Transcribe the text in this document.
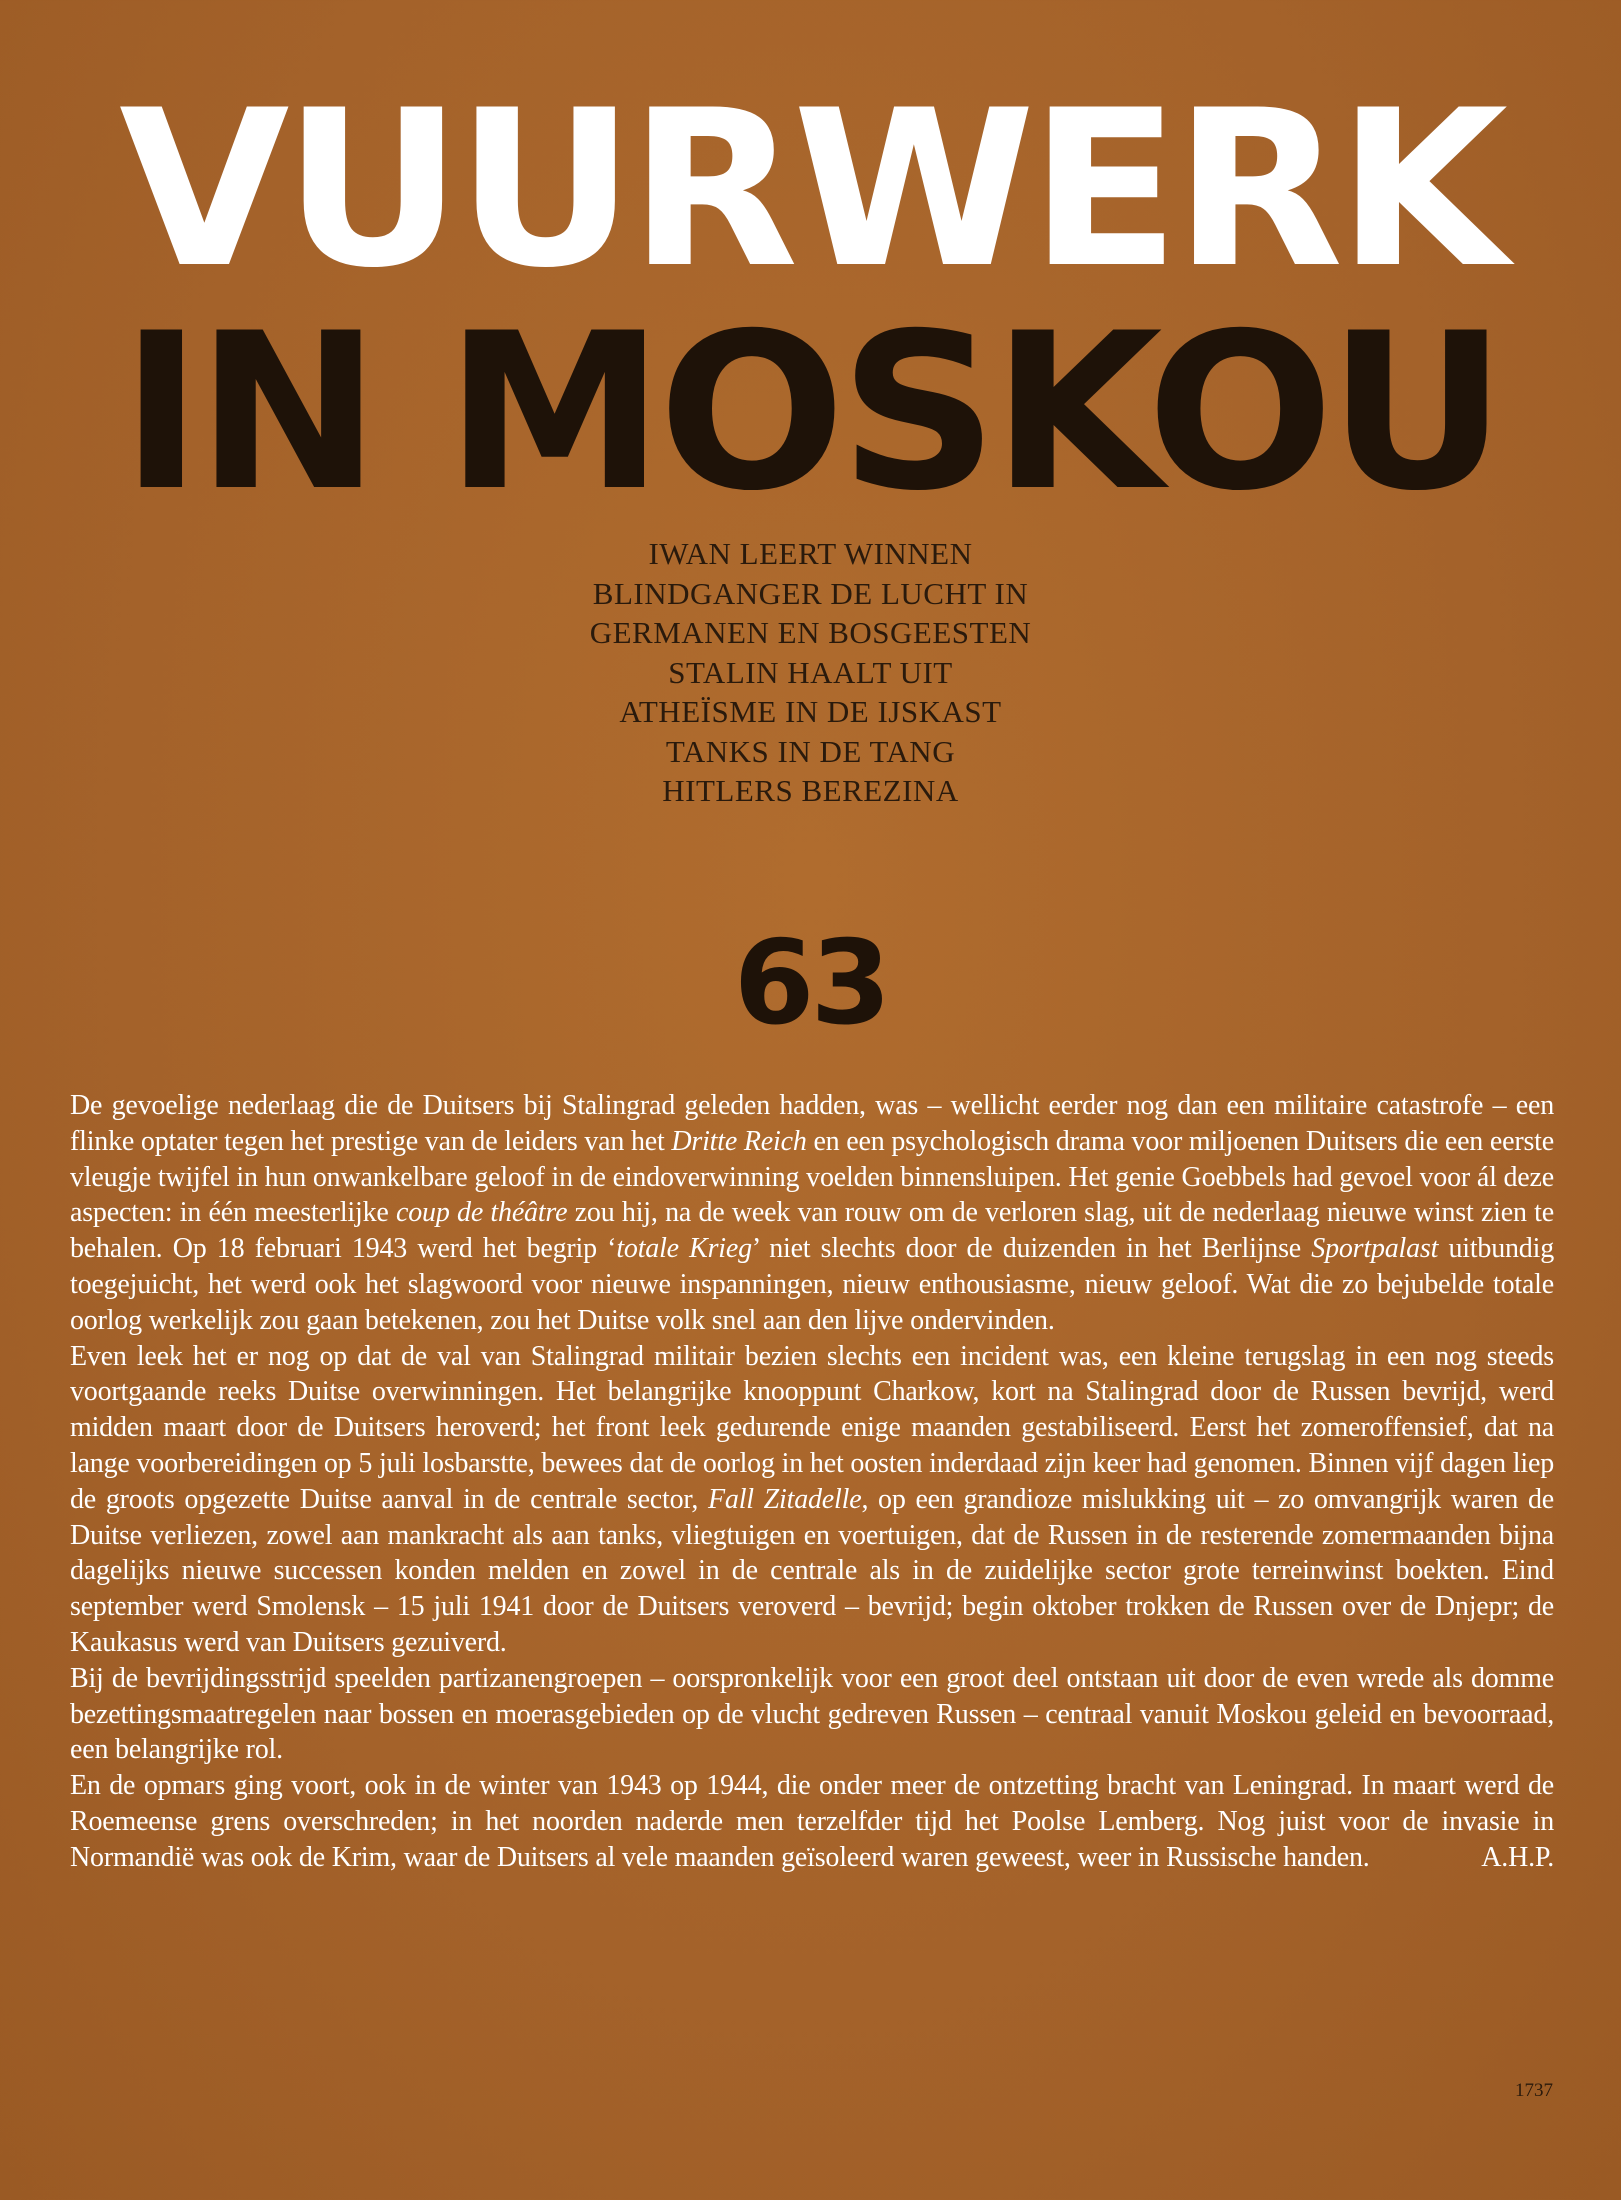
VUURWERK
IN MOSKOU
IWAN LEERT WINNEN
BLINDGANGER DE LUCHT IN
GERMANEN EN BOSGEESTEN
STALIN HAALT UIT
ATHEÏSME IN DE IJSKAST
TANKS IN DE TANG
HITLERS BEREZINA
63

De gevoelige nederlaag die de Duitsers bij Stalingrad geleden hadden, was – wellicht eerder nog dan een militaire catastrofe – een flinke optater tegen het prestige van de leiders van het Dritte Reich en een psychologisch drama voor miljoenen Duitsers die een eerste vleugje twijfel in hun onwankelbare geloof in de eindoverwinning voelden binnensluipen. Het genie Goebbels had gevoel voor ál deze aspecten: in één meesterlijke coup de théâtre zou hij, na de week van rouw om de verloren slag, uit de nederlaag nieuwe winst zien te behalen. Op 18 februari 1943 werd het begrip ‘totale Krieg’ niet slechts door de duizenden in het Berlijnse Sportpalast uitbundig toegejuicht, het werd ook het slagwoord voor nieuwe inspanningen, nieuw enthousiasme, nieuw geloof. Wat die zo bejubelde totale oorlog werkelijk zou gaan betekenen, zou het Duitse volk snel aan den lijve ondervinden.

Even leek het er nog op dat de val van Stalingrad militair bezien slechts een incident was, een kleine terugslag in een nog steeds voortgaande reeks Duitse overwinningen. Het belangrijke knooppunt Charkow, kort na Stalingrad door de Russen bevrijd, werd midden maart door de Duitsers heroverd; het front leek gedurende enige maanden gestabiliseerd. Eerst het zomeroffensief, dat na lange voorbereidingen op 5 juli losbarstte, bewees dat de oorlog in het oosten inderdaad zijn keer had genomen. Binnen vijf dagen liep de groots opgezette Duitse aanval in de centrale sector, Fall Zitadelle, op een grandioze mislukking uit – zo omvangrijk waren de Duitse verliezen, zowel aan mankracht als aan tanks, vliegtuigen en voertuigen, dat de Russen in de resterende zomermaanden bijna dagelijks nieuwe successen konden melden en zowel in de centrale als in de zuidelijke sector grote terreinwinst boekten. Eind september werd Smolensk – 15 juli 1941 door de Duitsers veroverd – bevrijd; begin oktober trokken de Russen over de Dnjepr; de Kaukasus werd van Duitsers gezuiverd.

Bij de bevrijdingsstrijd speelden partizanengroepen – oorspronkelijk voor een groot deel ontstaan uit door de even wrede als domme bezettingsmaatregelen naar bossen en moerasgebieden op de vlucht gedreven Russen – centraal vanuit Moskou geleid en bevoorraad, een belangrijke rol.

En de opmars ging voort, ook in de winter van 1943 op 1944, die onder meer de ontzetting bracht van Leningrad. In maart werd de Roemeense grens overschreden; in het noorden naderde men terzelfder tijd het Poolse Lemberg. Nog juist voor de invasie in Normandië was ook de Krim, waar de Duitsers al vele maanden geïsoleerd waren geweest, weer in Russische handen.	A.H.P.

1737
